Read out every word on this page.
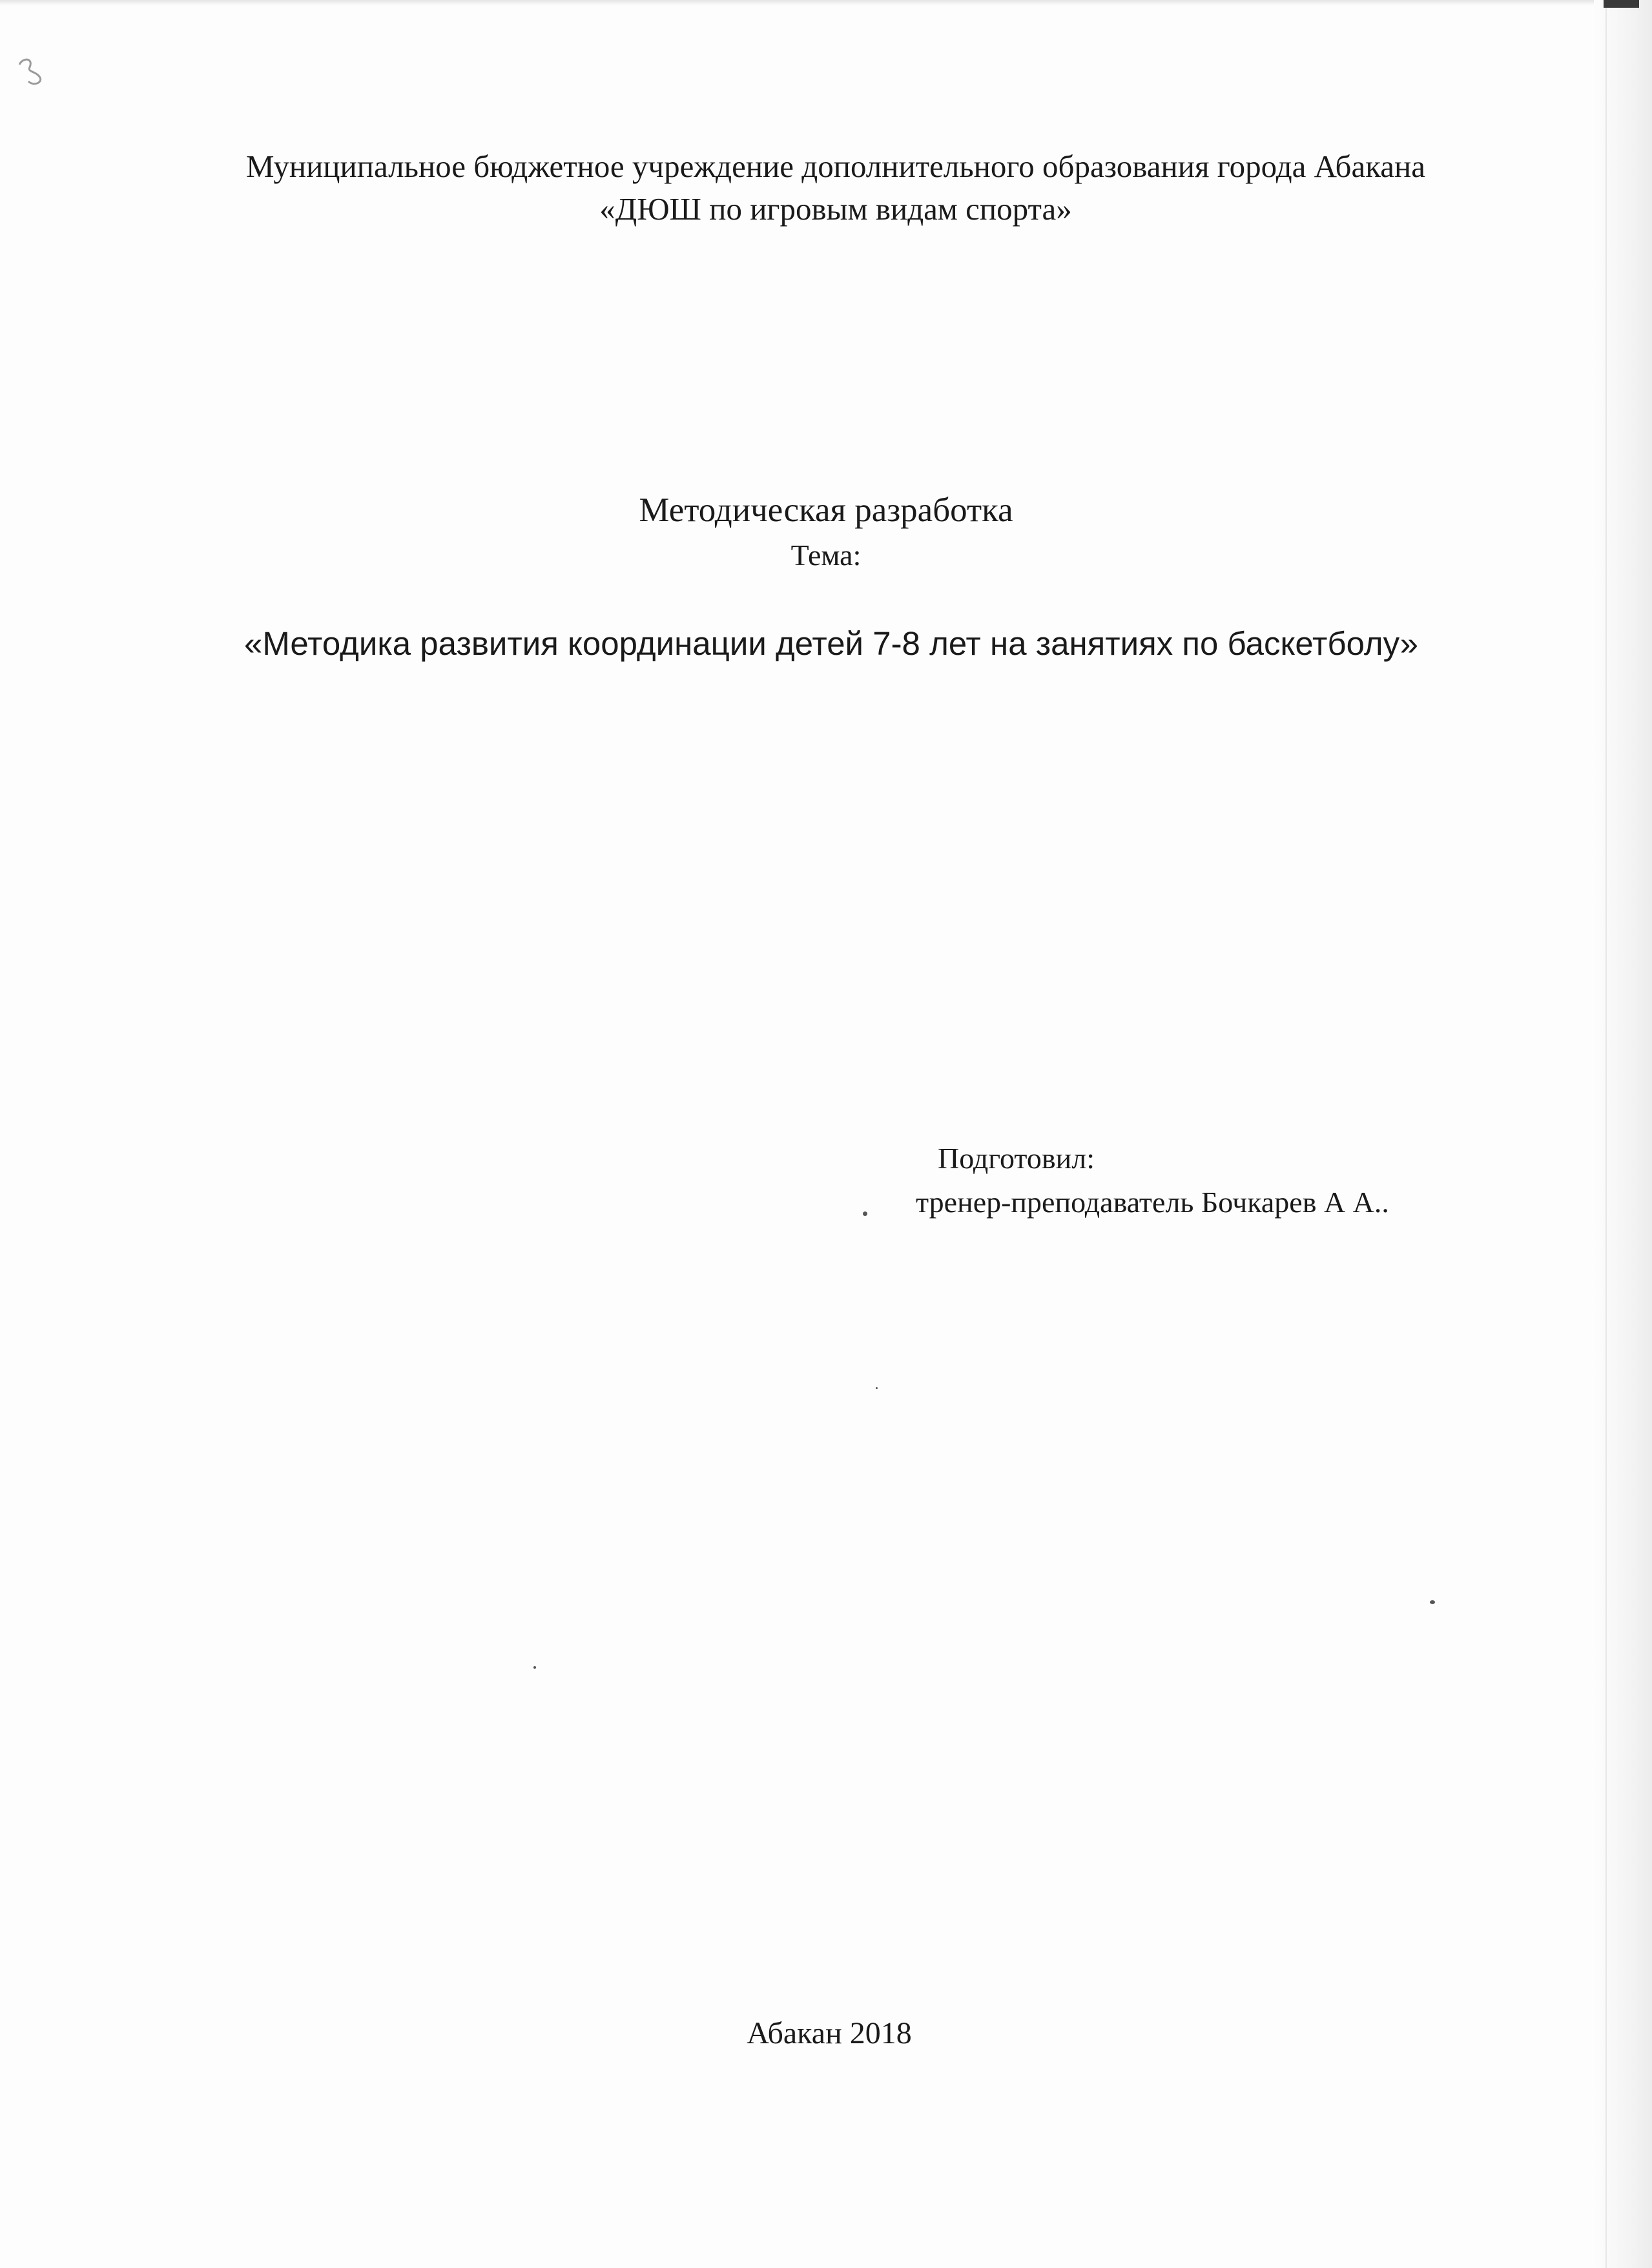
Муниципальное бюджетное учреждение дополнительного образования города Абакана
«ДЮШ по игровым видам спорта»
Методическая разработка
Тема:
«Методика развития координации детей 7-8 лет на занятиях по баскетболу»
Подготовил:
тренер-преподаватель Бочкарев А А..
Абакан 2018
